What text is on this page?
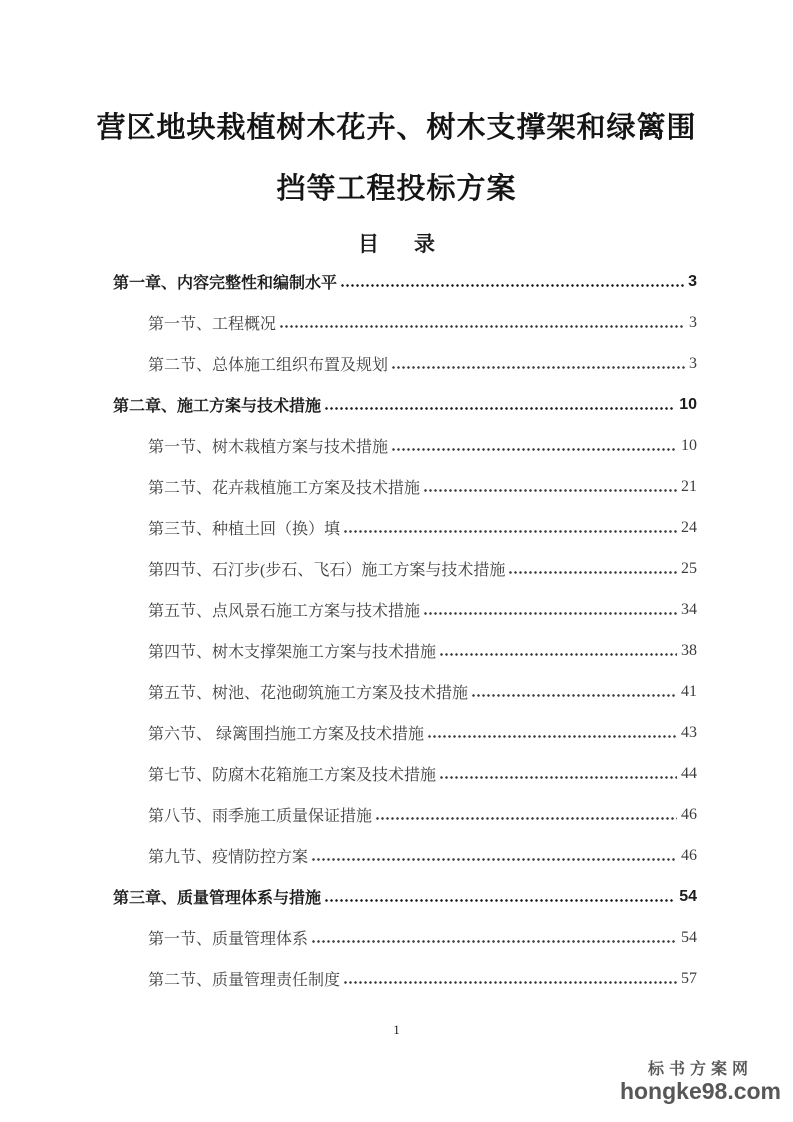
营区地块栽植树木花卉、树木支撑架和绿篱围
挡等工程投标方案
目      录
第一章、内容完整性和编制水平	3
第一节、工程概况	3
第二节、总体施工组织布置及规划	3
第二章、施工方案与技术措施	10
第一节、树木栽植方案与技术措施	10
第二节、花卉栽植施工方案及技术措施	21
第三节、种植土回（换）填	24
第四节、石汀步(步石、飞石）施工方案与技术措施	25
第五节、点风景石施工方案与技术措施	34
第四节、树木支撑架施工方案与技术措施	38
第五节、树池、花池砌筑施工方案及技术措施	41
第六节、 绿篱围挡施工方案及技术措施	43
第七节、防腐木花箱施工方案及技术措施	44
第八节、雨季施工质量保证措施	46
第九节、疫情防控方案	46
第三章、质量管理体系与措施	54
第一节、质量管理体系	54
第二节、质量管理责任制度	57
1
标书方案网
hongke98.com
